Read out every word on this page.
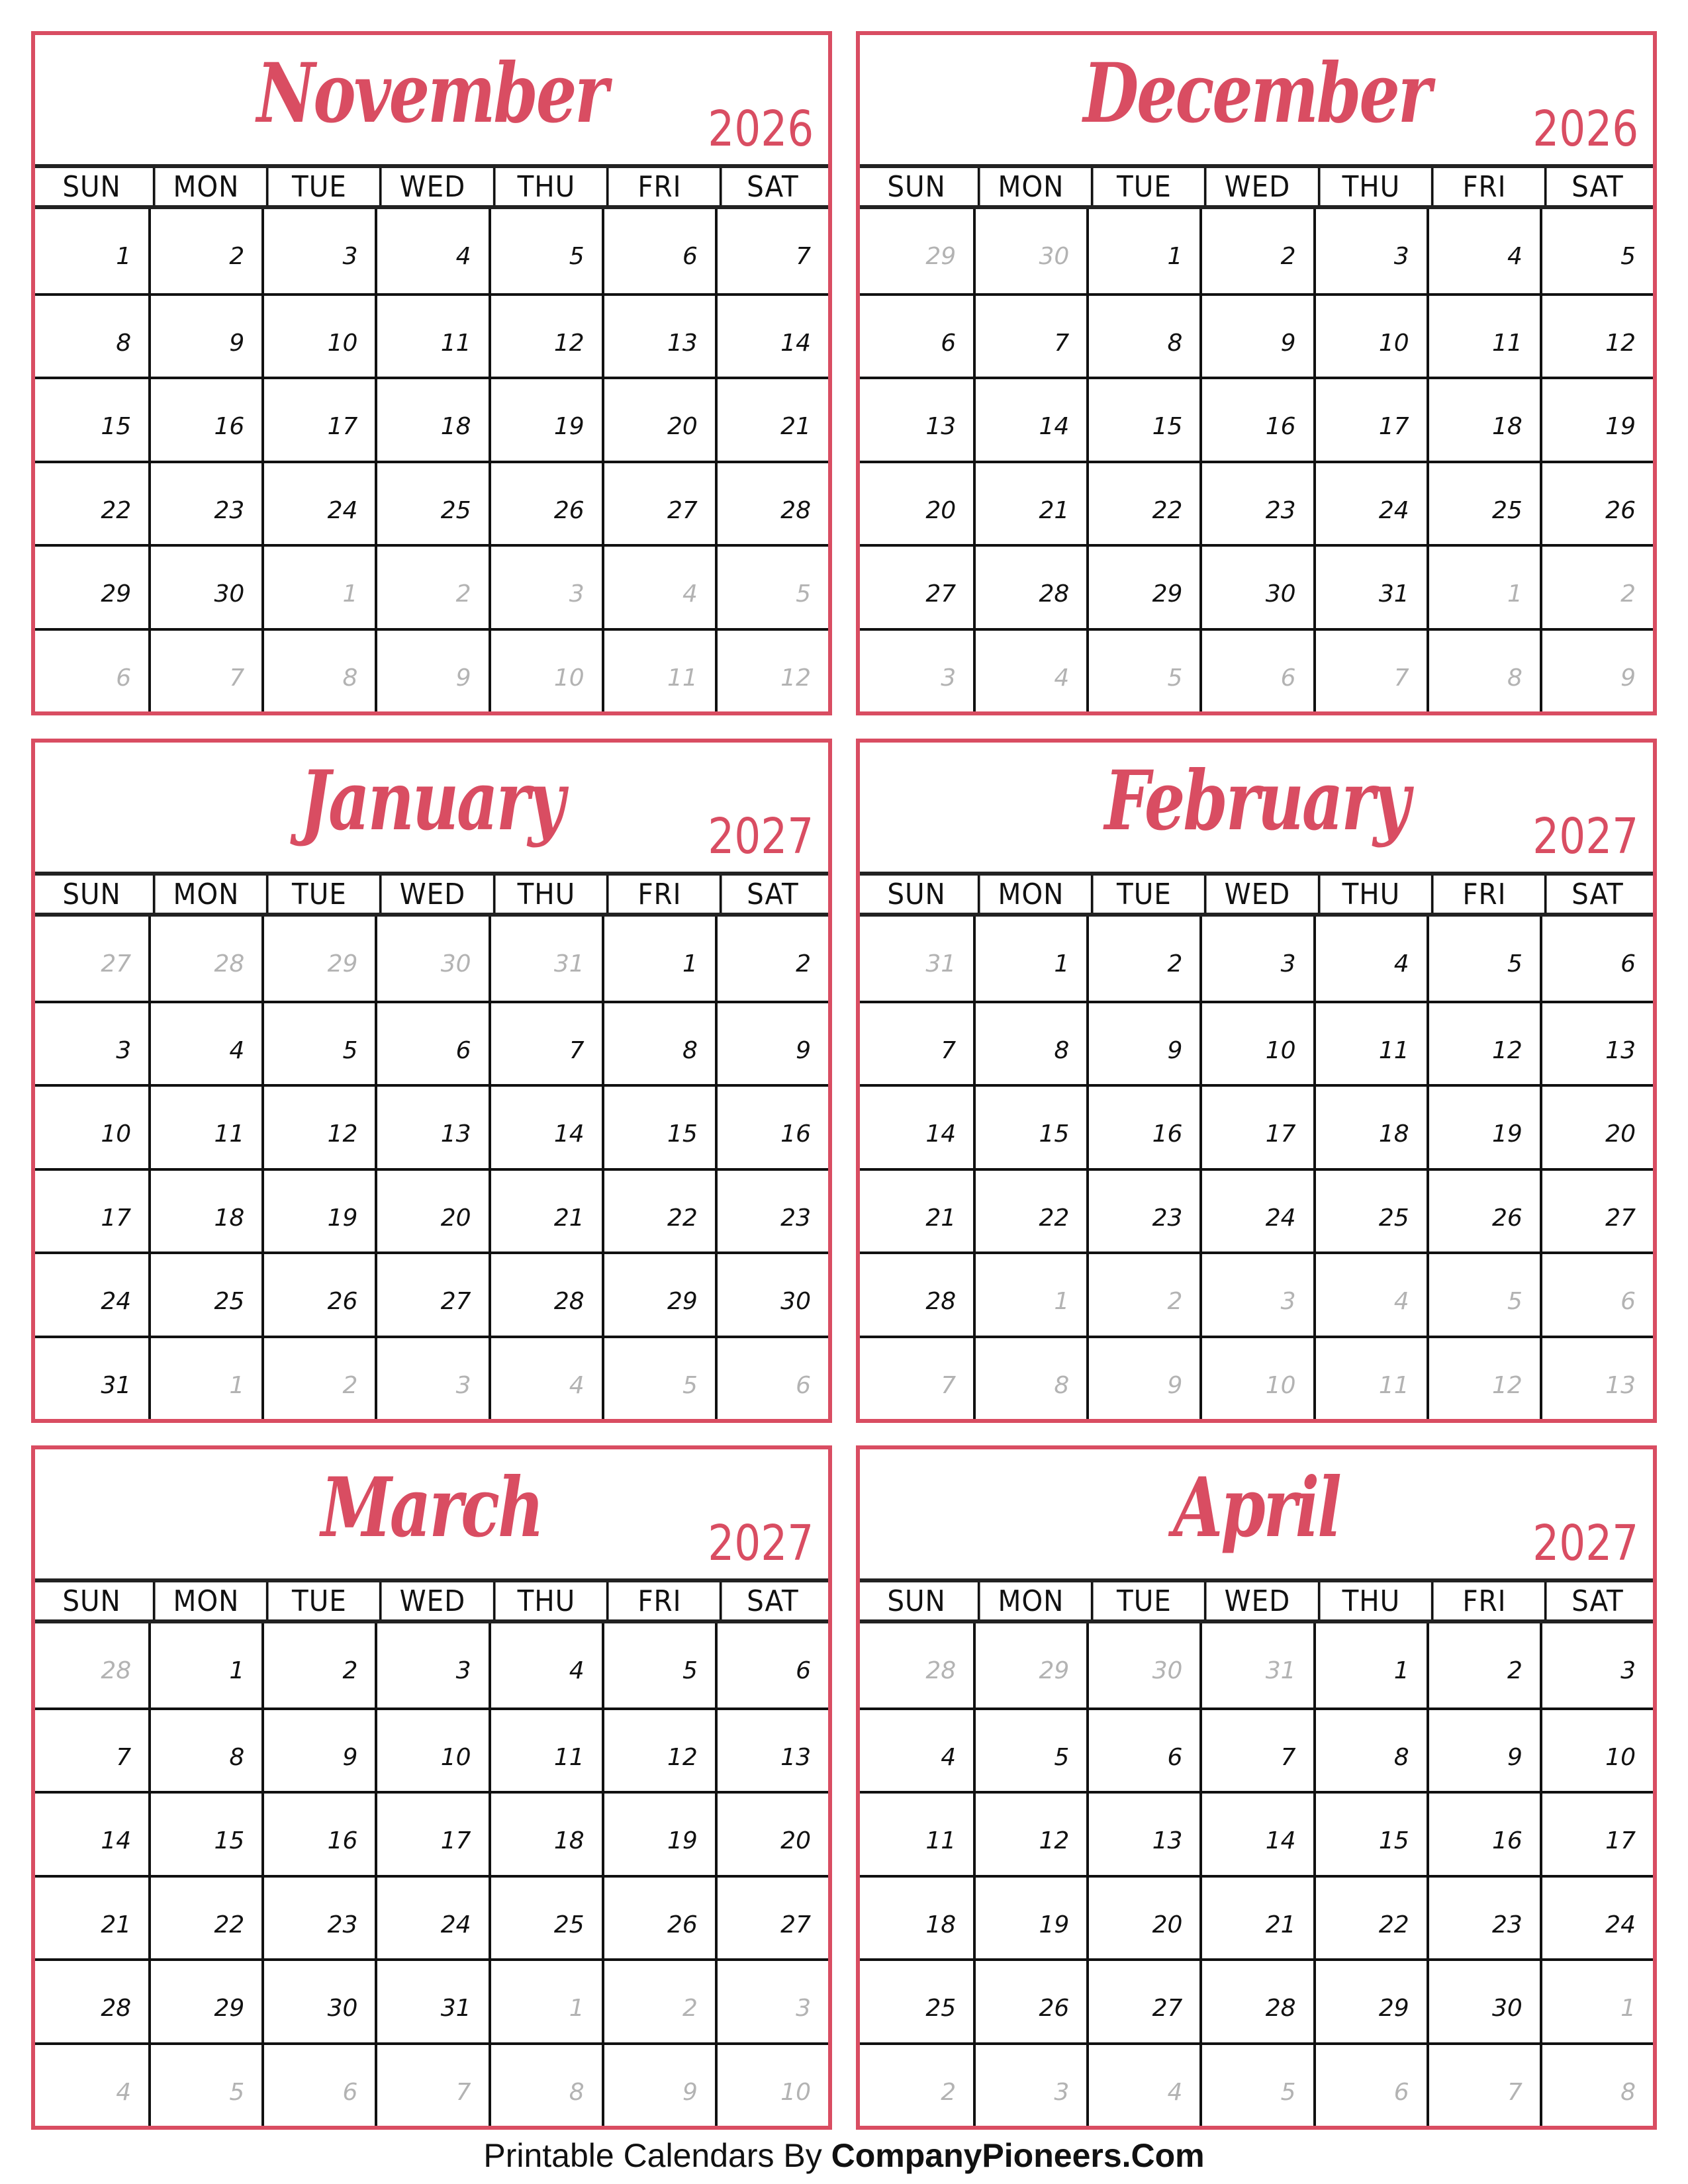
November	2026
SUN	MON	TUE	WED	THU	FRI	SAT
1	2	3	4	5	6	7
8	9	10	11	12	13	14
15	16	17	18	19	20	21
22	23	24	25	26	27	28
29	30	1	2	3	4	5
6	7	8	9	10	11	12
December	2026
SUN	MON	TUE	WED	THU	FRI	SAT
29	30	1	2	3	4	5
6	7	8	9	10	11	12
13	14	15	16	17	18	19
20	21	22	23	24	25	26
27	28	29	30	31	1	2
3	4	5	6	7	8	9
January	2027
SUN	MON	TUE	WED	THU	FRI	SAT
27	28	29	30	31	1	2
3	4	5	6	7	8	9
10	11	12	13	14	15	16
17	18	19	20	21	22	23
24	25	26	27	28	29	30
31	1	2	3	4	5	6
February	2027
SUN	MON	TUE	WED	THU	FRI	SAT
31	1	2	3	4	5	6
7	8	9	10	11	12	13
14	15	16	17	18	19	20
21	22	23	24	25	26	27
28	1	2	3	4	5	6
7	8	9	10	11	12	13
March	2027
SUN	MON	TUE	WED	THU	FRI	SAT
28	1	2	3	4	5	6
7	8	9	10	11	12	13
14	15	16	17	18	19	20
21	22	23	24	25	26	27
28	29	30	31	1	2	3
4	5	6	7	8	9	10
April	2027
SUN	MON	TUE	WED	THU	FRI	SAT
28	29	30	31	1	2	3
4	5	6	7	8	9	10
11	12	13	14	15	16	17
18	19	20	21	22	23	24
25	26	27	28	29	30	1
2	3	4	5	6	7	8
Printable Calendars By CompanyPioneers.Com
